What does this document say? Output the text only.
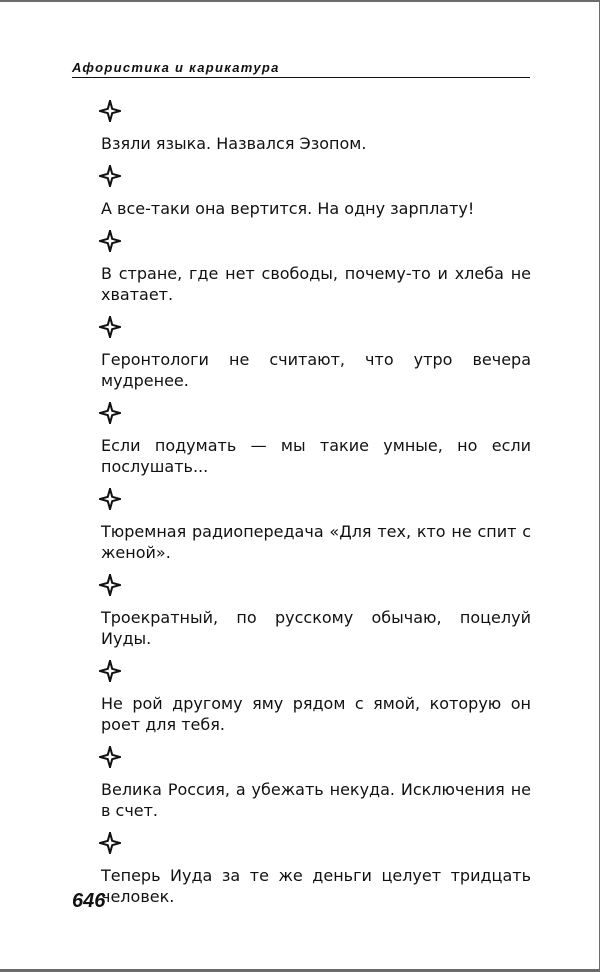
Афористика и карикатура
Взяли языка. Назвался Эзопом.
А все-таки она вертится. На одну зарплату!
В стране, где нет свободы, почему-то и хлеба не хватает.
Геронтологи не считают, что утро вечера мудренее.
Если подумать — мы такие умные, но если послушать...
Тюремная радиопередача «Для тех, кто не спит с женой».
Троекратный, по русскому обычаю, поцелуй Иуды.
Не рой другому яму рядом с ямой, которую он роет для тебя.
Велика Россия, а убежать некуда. Исключения не в счет.
Теперь Иуда за те же деньги целует тридцать человек.
646
